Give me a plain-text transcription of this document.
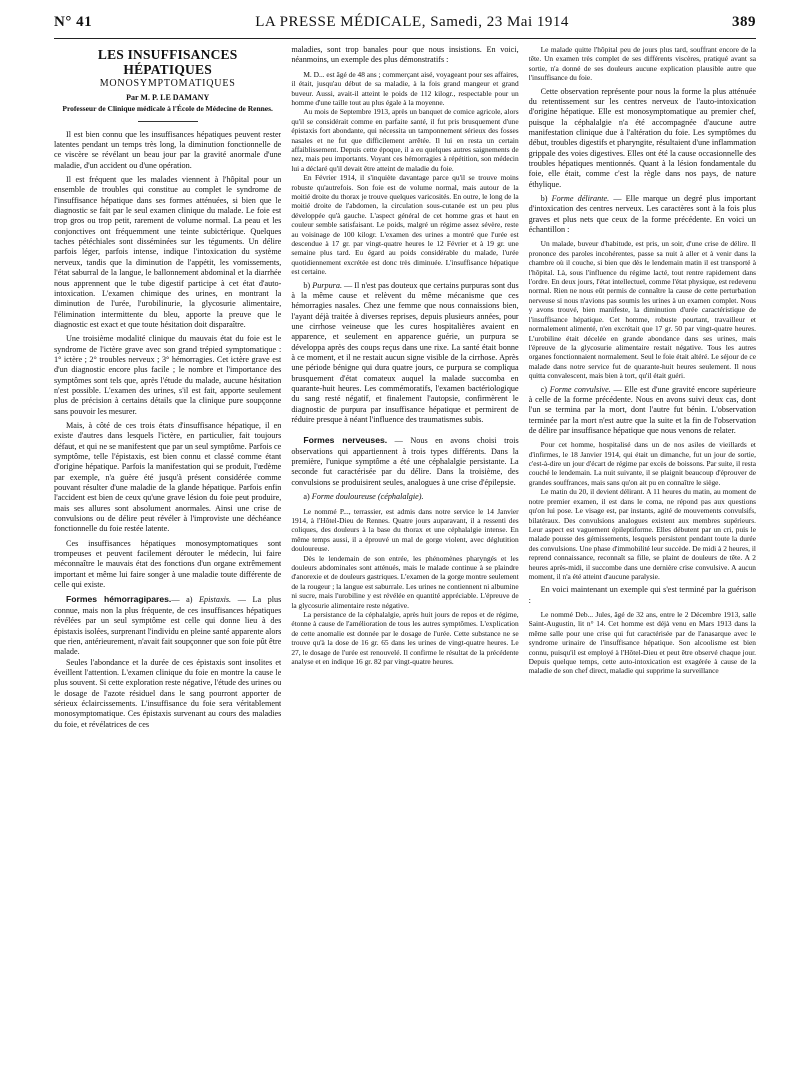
N° 41	LA PRESSE MÉDICALE, Samedi, 23 Mai 1914	389
LES INSUFFISANCES HÉPATIQUES
MONOSYMPTOMATIQUES
Par M. P. LE DAMANY
Professeur de Clinique médicale à l'École de Médecine de Rennes.

Il est bien connu que les insuffisances hépatiques peuvent rester latentes pendant un temps très long, la diminution fonctionnelle de ce viscère se révélant un beau jour par la gravité anormale d'une maladie, d'un accident ou d'une opération.

Il est fréquent que les malades viennent à l'hôpital pour un ensemble de troubles qui constitue au complet le syndrome de l'insuffisance hépatique dans ses formes atténuées, si bien que le diagnostic se fait par le seul examen clinique du malade. Le foie est trop gros ou trop petit, rarement de volume normal. La peau et les conjonctives ont fréquemment une teinte subictérique. Quelques taches pétéchiales sont disséminées sur les téguments. Un délire parfois léger, parfois intense, indique l'intoxication du système nerveux, tandis que la diminution de l'appétit, les vomissements, l'état saburral de la langue, le ballonnement abdominal et la diarrhée nous apprennent que le tube digestif participe à cet état d'auto-intoxication. L'examen chimique des urines, en montrant la diminution de l'urée, l'urobilinurie, la glycosurie alimentaire, l'élimination intermittente du bleu, apporte la preuve que le diagnostic est exact et que toute hésitation doit disparaître.

Une troisième modalité clinique du mauvais état du foie est le syndrome de l'ictère grave avec son grand trépied symptomatique : 1° ictère ; 2° troubles nerveux ; 3° hémorragies. Cet ictère grave est d'un diagnostic encore plus facile ; le nombre et l'importance des symptômes sont tels que, après l'étude du malade, aucune hésitation n'est possible. L'examen des urines, s'il est fait, apporte seulement plus de précision à certains détails que la clinique pure soupçonne sans pouvoir les mesurer.

Mais, à côté de ces trois états d'insuffisance hépatique, il en existe d'autres dans lesquels l'ictère, en particulier, fait toujours défaut, et qui ne se manifestent que par un seul symptôme. Parfois ce symptôme, telle l'épistaxis, est bien connu et classé comme étant d'origine hépatique. Parfois la manifestation qui se produit, l'œdème par exemple, n'a guère été jusqu'à présent considérée comme pouvant résulter d'une maladie de la glande hépatique. Parfois enfin l'accident est bien de ceux qu'une grave lésion du foie peut produire, mais ses allures sont absolument anormales. Ainsi une crise de convulsions ou de délire peut révéler à l'improviste une déchéance fonctionnelle du foie restée latente.

Ces insuffisances hépatiques monosymptomatiques sont trompeuses et peuvent facilement dérouter le médecin, lui faire méconnaître le mauvais état des fonctions d'un organe extrêmement important et même lui faire songer à une maladie toute différente de celle qui existe.

Formes hémorragipares.— a) Epistaxis. — La plus connue, mais non la plus fréquente, de ces insuffisances hépatiques révélées par un seul symptôme est celle qui donne lieu à des épistaxis isolées, surprenant l'individu en pleine santé apparente alors que rien, antérieurement, n'avait fait soupçonner que son foie pût être malade.

Seules l'abondance et la durée de ces épistaxis sont insolites et éveillent l'attention. L'examen clinique du foie en montre la cause le plus souvent. Si cette exploration reste négative, l'étude des urines ou le dosage de l'azote résiduel dans le sang pourront apporter de sérieux éclaircissements. L'insuffisance du foie sera véritablement monosymptomatique. Ces épistaxis survenant au cours des maladies du foie, et révélatrices de ces

maladies, sont trop banales pour que nous insistions. En voici, néanmoins, un exemple des plus démonstratifs :

M. D... est âgé de 48 ans ; commerçant aisé, voyageant pour ses affaires, il était, jusqu'au début de sa maladie, à la fois grand mangeur et grand buveur. Aussi, avait-il atteint le poids de 112 kilogr., respectable pour un homme d'une taille tout au plus égale à la moyenne.

Au mois de Septembre 1913, après un banquet de comice agricole, alors qu'il se considérait comme en parfaite santé, il fut pris brusquement d'une épistaxis fort abondante, qui nécessita un tamponnement sérieux des fosses nasales et ne fut que difficilement arrêtée. Il lui en resta un certain affaiblissement. Depuis cette époque, il a eu quelques autres saignements de nez, mais peu importants. Voyant ces hémorragies à répétition, son médecin lui a déclaré qu'il devait être atteint de maladie du foie.

En Février 1914, il s'inquiète davantage parce qu'il se trouve moins robuste qu'autrefois. Son foie est de volume normal, mais autour de la moitié droite du thorax je trouve quelques varicosités. En outre, le long de la moitié droite de l'abdomen, la circulation sous-cutanée est un peu plus développée qu'à gauche. L'aspect général de cet homme gras et haut en couleur semble satisfaisant. Le poids, malgré un régime assez sévère, reste au voisinage de 100 kilogr. L'examen des urines a montré que l'urée est descendue à 17 gr. par vingt-quatre heures le 12 Février et à 19 gr. une semaine plus tard. Eu égard au poids considérable du malade, l'urée quotidiennement excrétée est donc très diminuée. L'insuffisance hépatique est certaine.

b) Purpura. — Il n'est pas douteux que certains purpuras sont dus à la même cause et relèvent du même mécanisme que ces hémorragies nasales. Chez une femme que nous connaissions bien, l'ayant déjà traitée à diverses reprises, depuis plusieurs années, pour une cirrhose veineuse que les cures hospitalières avaient en apparence, et seulement en apparence guérie, un purpura se développa après des coups reçus dans une rixe. La santé était bonne à ce moment, et il ne restait aucun signe visible de la cirrhose. Après une période bénigne qui dura quatre jours, ce purpura se compliqua brusquement d'état comateux auquel la malade succomba en quarante-huit heures. Les commémoratifs, l'examen bactériologique du sang resté négatif, et finalement l'autopsie, confirmèrent le diagnostic de purpura par insuffisance hépatique et permirent de réduire presque à néant l'influence des traumatismes subis.

Formes nerveuses. — Nous en avons choisi trois observations qui appartiennent à trois types différents. Dans la première, l'unique symptôme a été une céphalalgie persistante. La seconde fut caractérisée par du délire. Dans la troisième, des convulsions se produisirent seules, analogues à une crise d'épilepsie.

a) Forme douloureuse (céphalalgie).

Le nommé P..., terrassier, est admis dans notre service le 14 Janvier 1914, à l'Hôtel-Dieu de Rennes. Quatre jours auparavant, il a ressenti des coliques, des douleurs à la base du thorax et une céphalalgie intense. En même temps aussi, il a éprouvé un mal de gorge violent, avec déglutition douloureuse.

Dès le lendemain de son entrée, les phénomènes pharyngés et les douleurs abdominales sont atténués, mais le malade continue à se plaindre d'anorexie et de douleurs gastriques. L'examen de la gorge montre seulement de la rougeur ; la langue est saburrale. Les urines ne contiennent ni albumine ni sucre, mais l'urobiline y est révélée en quantité appréciable. L'épreuve de la glycosurie alimentaire reste négative.

La persistance de la céphalalgie, après huit jours de repos et de régime, étonne à cause de l'amélioration de tous les autres symptômes. L'explication de cette anomalie est donnée par le dosage de l'urée. Cette substance ne se trouve qu'à la dose de 16 gr. 65 dans les urines de vingt-quatre heures. Le 27, le dosage de l'urée est renouvelé. Il confirme le résultat de la précédente analyse et en indique 16 gr. 82 par vingt-quatre heures.

Le malade quitte l'hôpital peu de jours plus tard, souffrant encore de la tête. Un examen très complet de ses différents viscères, pratiqué avant sa sortie, n'a donné de ses douleurs aucune explication plausible autre que l'insuffisance du foie.

Cette observation représente pour nous la forme la plus atténuée du retentissement sur les centres nerveux de l'auto-intoxication d'origine hépatique. Elle est monosymptomatique au premier chef, puisque la céphalalgie n'a été accompagnée d'aucune autre manifestation clinique due à l'altération du foie. Les symptômes du début, troubles digestifs et pharyngite, résultaient d'une inflammation grippale des voies digestives. Elles ont été la cause occasionnelle des troubles hépatiques mentionnés. Quant à la lésion fondamentale du foie, elle était, comme c'est la règle dans nos pays, de nature éthylique.

b) Forme délirante. — Elle marque un degré plus important d'intoxication des centres nerveux. Les caractères sont à la fois plus graves et plus nets que ceux de la forme précédente. En voici un échantillon :

Un malade, buveur d'habitude, est pris, un soir, d'une crise de délire. Il prononce des paroles incohérentes, passe sa nuit à aller et à venir dans la chambre où il couche, si bien que dès le lendemain matin il est transporté à l'hôpital. Là, sous l'influence du régime lacté, tout rentre rapidement dans l'ordre. En deux jours, l'état intellectuel, comme l'état physique, est redevenu normal. Rien ne nous eût permis de connaître la cause de cette perturbation nerveuse si nous n'avions pas soumis les urines à un examen complet. Nous y avons trouvé, bien manifeste, la diminution d'urée caractéristique de l'insuffisance hépatique. Cet homme, robuste pourtant, travailleur et normalement alimenté, n'en excrétait que 17 gr. 50 par vingt-quatre heures. L'urobiline était décelée en grande abondance dans ses urines, mais l'épreuve de la glycosurie alimentaire restait négative. Tous les autres organes fonctionnaient normalement. Seul le foie était altéré. Le séjour de ce malade dans notre service fut de quarante-huit heures seulement. Il nous quitta convalescent, mais bien à tort, qu'il était guéri.

c) Forme convulsive. — Elle est d'une gravité encore supérieure à celle de la forme précédente. Nous en avons suivi deux cas, dont l'un se termina par la mort, dont l'autre fut bénin. L'observation terminée par la mort n'est autre que la suite et la fin de l'observation de délire par insuffisance hépatique que nous venons de relater.

Pour cet homme, hospitalisé dans un de nos asiles de vieillards et d'infirmes, le 18 Janvier 1914, qui était un dimanche, fut un jour de sortie, c'est-à-dire un jour d'écart de régime par excès de boissons. Par suite, il resta couché le lendemain. La nuit suivante, il se plaignit beaucoup d'éprouver de grandes souffrances, mais sans qu'on ait pu en connaître le siège.

Le matin du 20, il devient délirant. A 11 heures du matin, au moment de notre premier examen, il est dans le coma, ne répond pas aux questions qu'on lui pose. Le visage est, par instants, agité de mouvements convulsifs, bilatéraux. Des convulsions analogues existent aux membres supérieurs. Leur aspect est vaguement épileptiforme. Elles débutent par un cri, puis le malade pousse des gémissements, lesquels persistent pendant toute la durée des convulsions. Une phase d'immobilité leur succède. De midi à 2 heures, il reprend connaissance, reconnaît sa fille, se plaint de douleurs de tête. A 2 heures après-midi, il succombe dans une dernière crise convulsive. A aucun moment, il n'a été atteint d'aucune paralysie.

En voici maintenant un exemple qui s'est terminé par la guérison :

Le nommé Deb... Jules, âgé de 32 ans, entre le 2 Décembre 1913, salle Saint-Augustin, lit n° 14. Cet homme est déjà venu en Mars 1913 dans la même salle pour une crise qui fut caractérisée par de l'anasarque avec le syndrome urinaire de l'insuffisance hépatique. Son alcoolisme est bien connu, puisqu'il est employé à l'Hôtel-Dieu et peut être observé chaque jour. Depuis quelque temps, cette auto-intoxication est exagérée à cause de la maladie de son chef direct, maladie qui supprime la surveillance
